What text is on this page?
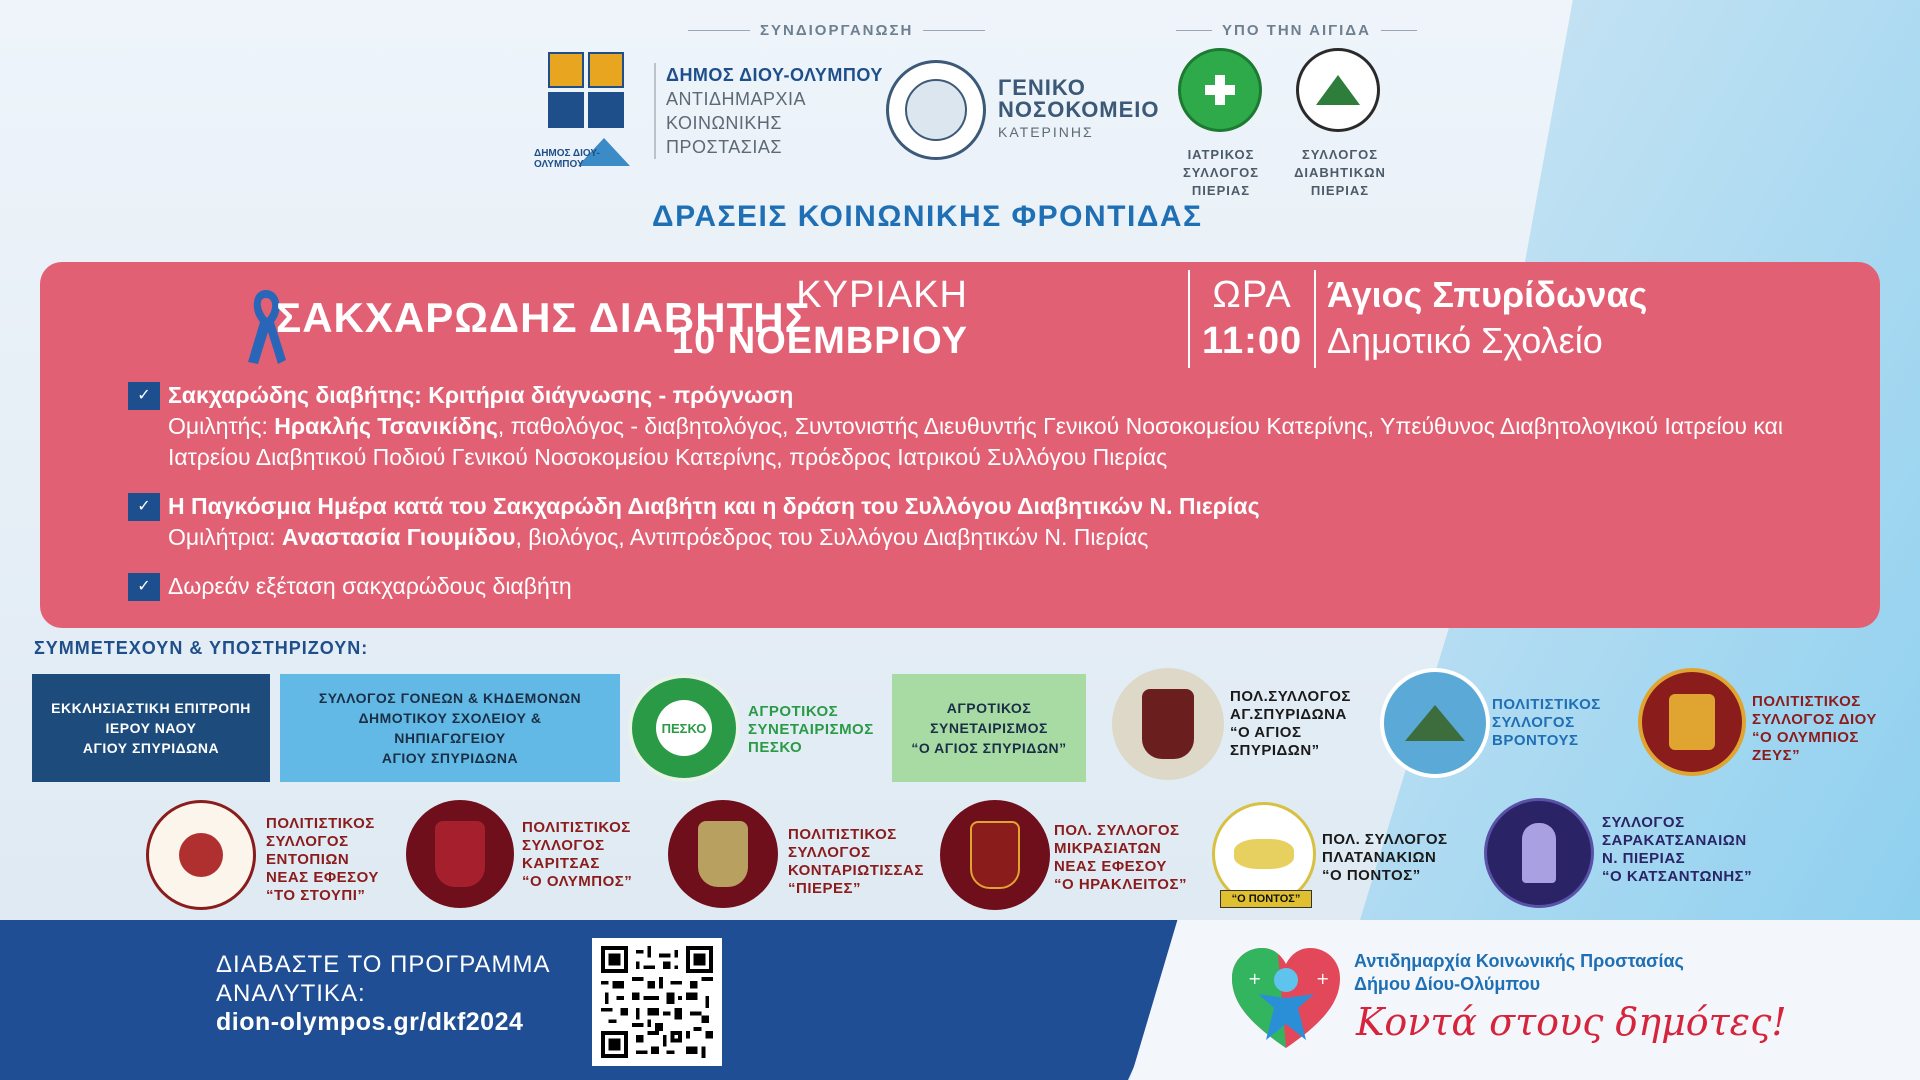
ΣΥΝΔΙΟΡΓΑΝΩΣΗ	ΥΠΟ ΤΗΝ ΑΙΓΙΔΑ
ΔΗΜΟΣ ΔΙΟΥ-ΟΛΥΜΠΟΥ
ΔΗΜΟΣ ΔΙΟΥ-ΟΛΥΜΠΟΥ
ΑΝΤΙΔΗΜΑΡΧΙΑ
ΚΟΙΝΩΝΙΚΗΣ
ΠΡΟΣΤΑΣΙΑΣ
ΓΕΝΙΚΟ
ΝΟΣΟΚΟΜΕΙΟ
ΚΑΤΕΡΙΝΗΣ
ΙΑΤΡΙΚΟΣ
ΣΥΛΛΟΓΟΣ
ΠΙΕΡΙΑΣ
ΣΥΛΛΟΓΟΣ
ΔΙΑΒΗΤΙΚΩΝ
ΠΙΕΡΙΑΣ
ΔΡΑΣΕΙΣ ΚΟΙΝΩΝΙΚΗΣ ΦΡΟΝΤΙΔΑΣ
ΣΑΚΧΑΡΩΔΗΣ ΔΙΑΒΗΤΗΣ
ΚΥΡΙΑΚΗ
10 ΝΟΕΜΒΡΙΟΥ
ΩΡΑ
11:00
Άγιος Σπυρίδωνας
Δημοτικό Σχολείο
✓ Σακχαρώδης διαβήτης: Κριτήρια διάγνωσης - πρόγνωση
Ομιλητής: Ηρακλής Τσανικίδης, παθολόγος - διαβητολόγος, Συντονιστής Διευθυντής Γενικού Νοσοκομείου Κατερίνης, Υπεύθυνος Διαβητολογικού Ιατρείου και Ιατρείου Διαβητικού Ποδιού Γενικού Νοσοκομείου Κατερίνης, πρόεδρος Ιατρικού Συλλόγου Πιερίας
✓ Η Παγκόσμια Ημέρα κατά του Σακχαρώδη Διαβήτη και η δράση του Συλλόγου Διαβητικών Ν. Πιερίας
Ομιλήτρια: Αναστασία Γιουμίδου, βιολόγος, Αντιπρόεδρος του Συλλόγου Διαβητικών Ν. Πιερίας
✓ Δωρεάν εξέταση σακχαρώδους διαβήτη
ΣΥΜΜΕΤΕΧΟΥΝ & ΥΠΟΣΤΗΡΙΖΟΥΝ:
ΕΚΚΛΗΣΙΑΣΤΙΚΗ ΕΠΙΤΡΟΠΗ
ΙΕΡΟΥ ΝΑΟΥ
ΑΓΙΟΥ ΣΠΥΡΙΔΩΝΑ
ΣΥΛΛΟΓΟΣ ΓΟΝΕΩΝ & ΚΗΔΕΜΟΝΩΝ
ΔΗΜΟΤΙΚΟΥ ΣΧΟΛΕΙΟΥ &
ΝΗΠΙΑΓΩΓΕΙΟΥ
ΑΓΙΟΥ ΣΠΥΡΙΔΩΝΑ
ΠΕΣΚΟ
ΑΓΡΟΤΙΚΟΣ
ΣΥΝΕΤΑΙΡΙΣΜΟΣ
ΠΕΣΚΟ
ΑΓΡΟΤΙΚΟΣ
ΣΥΝΕΤΑΙΡΙΣΜΟΣ
“Ο ΑΓΙΟΣ ΣΠΥΡΙΔΩΝ”
ΠΟΛ.ΣΥΛΛΟΓΟΣ
ΑΓ.ΣΠΥΡΙΔΩΝΑ
“Ο ΑΓΙΟΣ
ΣΠΥΡΙΔΩΝ”
ΠΟΛΙΤΙΣΤΙΚΟΣ
ΣΥΛΛΟΓΟΣ
ΒΡΟΝΤΟΥΣ
ΠΟΛΙΤΙΣΤΙΚΟΣ
ΣΥΛΛΟΓΟΣ ΔΙΟΥ
“Ο ΟΛΥΜΠΙΟΣ
ΖΕΥΣ”
ΠΟΛΙΤΙΣΤΙΚΟΣ
ΣΥΛΛΟΓΟΣ
ΕΝΤΟΠΙΩΝ
ΝΕΑΣ ΕΦΕΣΟΥ
“ΤΟ ΣΤΟΥΠΙ”
ΠΟΛΙΤΙΣΤΙΚΟΣ
ΣΥΛΛΟΓΟΣ
ΚΑΡΙΤΣΑΣ
“Ο ΟΛΥΜΠΟΣ”
ΠΟΛΙΤΙΣΤΙΚΟΣ
ΣΥΛΛΟΓΟΣ
ΚΟΝΤΑΡΙΩΤΙΣΣΑΣ
“ΠΙΕΡΕΣ”
ΠΟΛ. ΣΥΛΛΟΓΟΣ
ΜΙΚΡΑΣΙΑΤΩΝ
ΝΕΑΣ ΕΦΕΣΟΥ
“Ο ΗΡΑΚΛΕΙΤΟΣ”
“Ο ΠΟΝΤΟΣ”
ΠΟΛ. ΣΥΛΛΟΓΟΣ
ΠΛΑΤΑΝΑΚΙΩΝ
“Ο ΠΟΝΤΟΣ”
ΣΥΛΛΟΓΟΣ
ΣΑΡΑΚΑΤΣΑΝΑΙΩΝ
Ν. ΠΙΕΡΙΑΣ
“Ο ΚΑΤΣΑΝΤΩΝΗΣ”
ΔΙΑΒΑΣΤΕ ΤΟ ΠΡΟΓΡΑΜΜΑ
ΑΝΑΛΥΤΙΚΑ:
dion-olympos.gr/dkf2024
+	+
Αντιδημαρχία Κοινωνικής Προστασίας
Δήμου Δίου-Ολύμπου
Κοντά στους δημότες!
